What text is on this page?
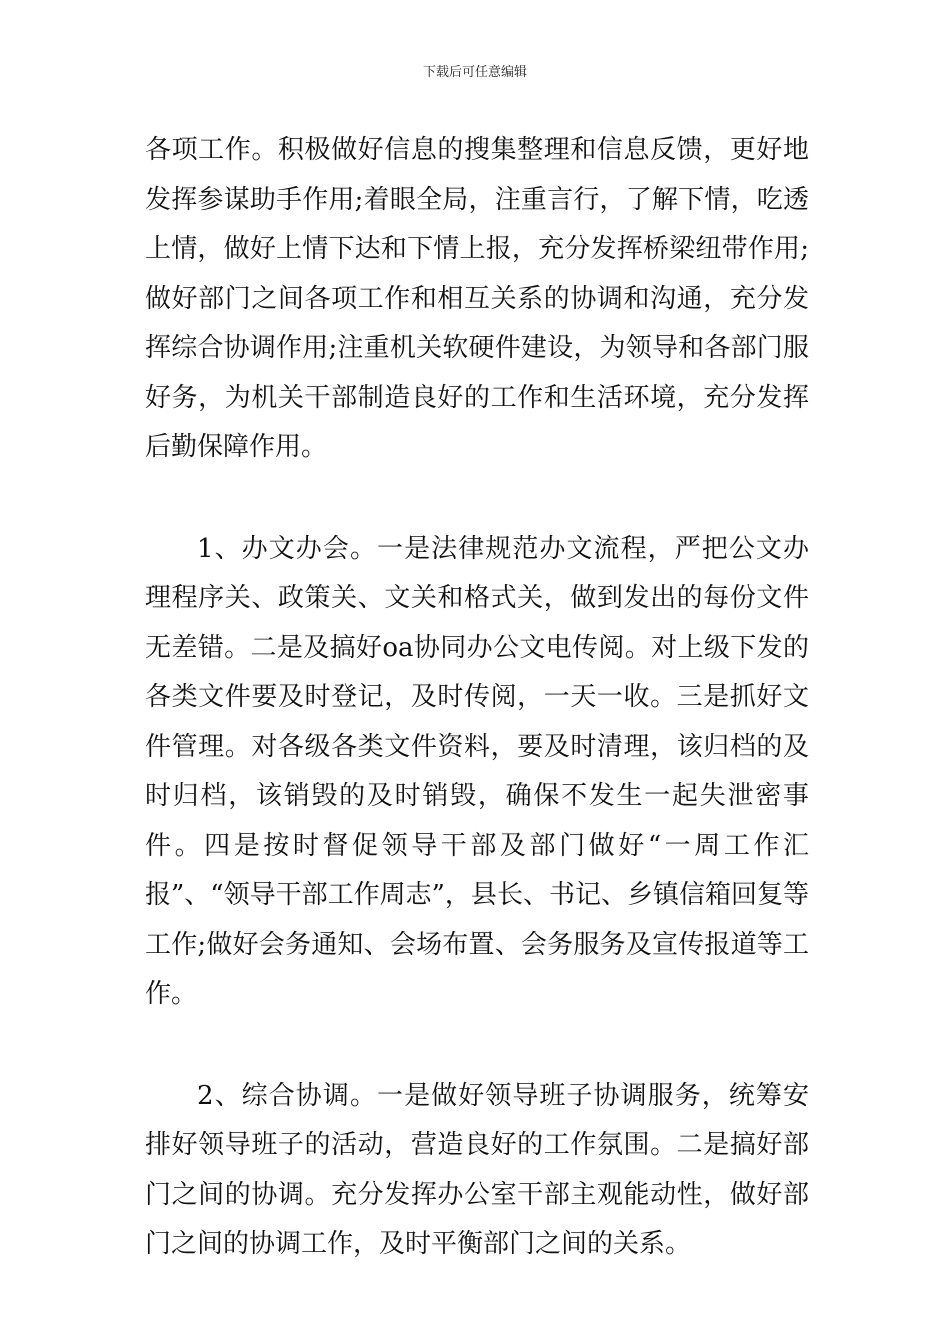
下载后可任意编辑

各项工作。积极做好信息的搜集整理和信息反馈，更好地发挥参谋助手作用;着眼全局，注重言行，了解下情，吃透上情，做好上情下达和下情上报，充分发挥桥梁纽带作用;做好部门之间各项工作和相互关系的协调和沟通，充分发挥综合协调作用;注重机关软硬件建设，为领导和各部门服好务，为机关干部制造良好的工作和生活环境，充分发挥后勤保障作用。

1、办文办会。一是法律规范办文流程，严把公文办理程序关、政策关、文关和格式关，做到发出的每份文件无差错。二是及搞好oa协同办公文电传阅。对上级下发的各类文件要及时登记，及时传阅，一天一收。三是抓好文件管理。对各级各类文件资料，要及时清理，该归档的及时归档，该销毁的及时销毁，确保不发生一起失泄密事件。四是按时督促领导干部及部门做好“一周工作汇报”、“领导干部工作周志”，县长、书记、乡镇信箱回复等工作;做好会务通知、会场布置、会务服务及宣传报道等工作。

2、综合协调。一是做好领导班子协调服务，统筹安排好领导班子的活动，营造良好的工作氛围。二是搞好部门之间的协调。充分发挥办公室干部主观能动性，做好部门之间的协调工作，及时平衡部门之间的关系。
